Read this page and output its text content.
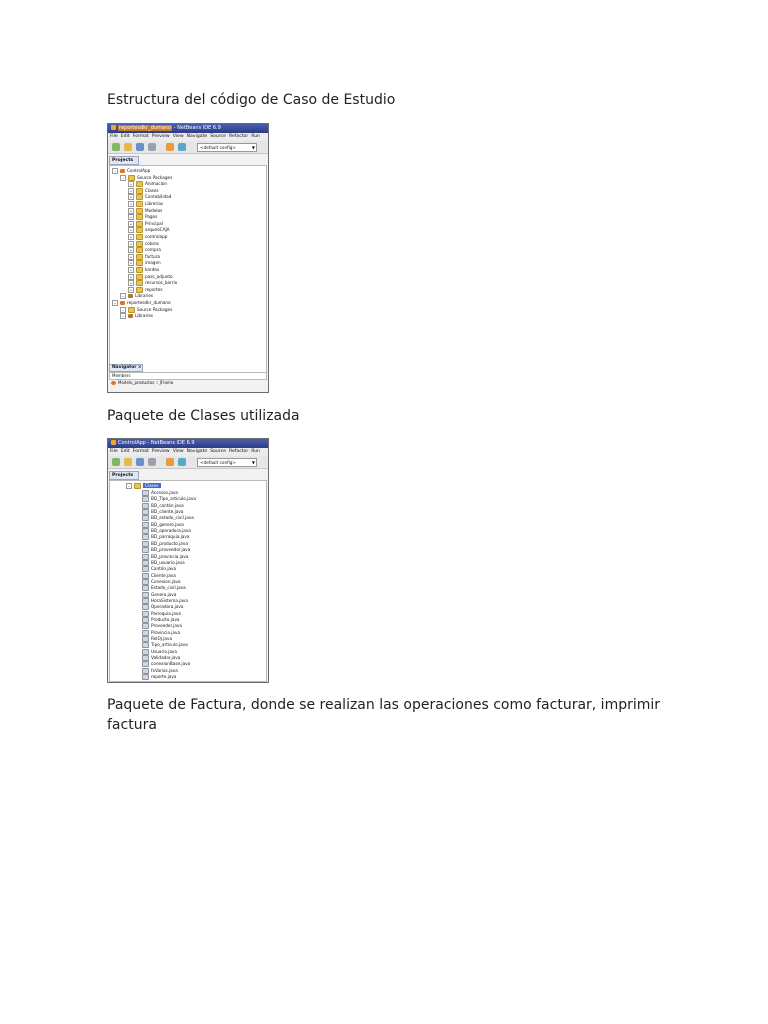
Estructura del código de Caso de Estudio
reportesdkr_dumano - NetBeans IDE 6.9
File Edit Format Preview View Navigate Source Refactor Run
<default config>	▼
Projects
−	ControlApp
−	Source Packages
+	Animacion
+	Clases
+	Contabilidad
+	Librerias
+	Modelos
+	Pagos
+	Principal
+	arqueoCAJA
+	controlapp
+	cobros
+	compra
+	factura
+	imagen
+	kardex
+	pass_adjunto
+	recursos_barrio
+	reportes
−	Libraries
−	reportesdkr_dumano
−	Source Packages
−	Libraries
Navigator ×
Members
Modelo_productos :: JFrame
Paquete de Clases utilizada
ControlApp - NetBeans IDE 6.9
File Edit Format Preview View Navigate Source Refactor Run
<default config>	▼
Projects
−	Clases
Accesos.java
BD_Tipo_articulo.java
BD_cantón.java
BD_cliente.java
BD_estado_civil.java
BD_genero.java
BD_operadora.java
BD_parroquia.java
BD_producto.java
BD_proveedor.java
BD_provincia.java
BD_usuario.java
Cantón.java
Cliente.java
Conexion.java
Estado_civil.java
Genero.java
HoraSistema.java
Operadora.java
Parroquia.java
Producto.java
Proveedor.java
Provincia.java
RelOj.java
Tipo_articulo.java
Usuario.java
Validador.java
conexionBase.java
fxVarios.java
reporte.java
Paquete de Factura, donde se realizan las operaciones como facturar, imprimir factura
